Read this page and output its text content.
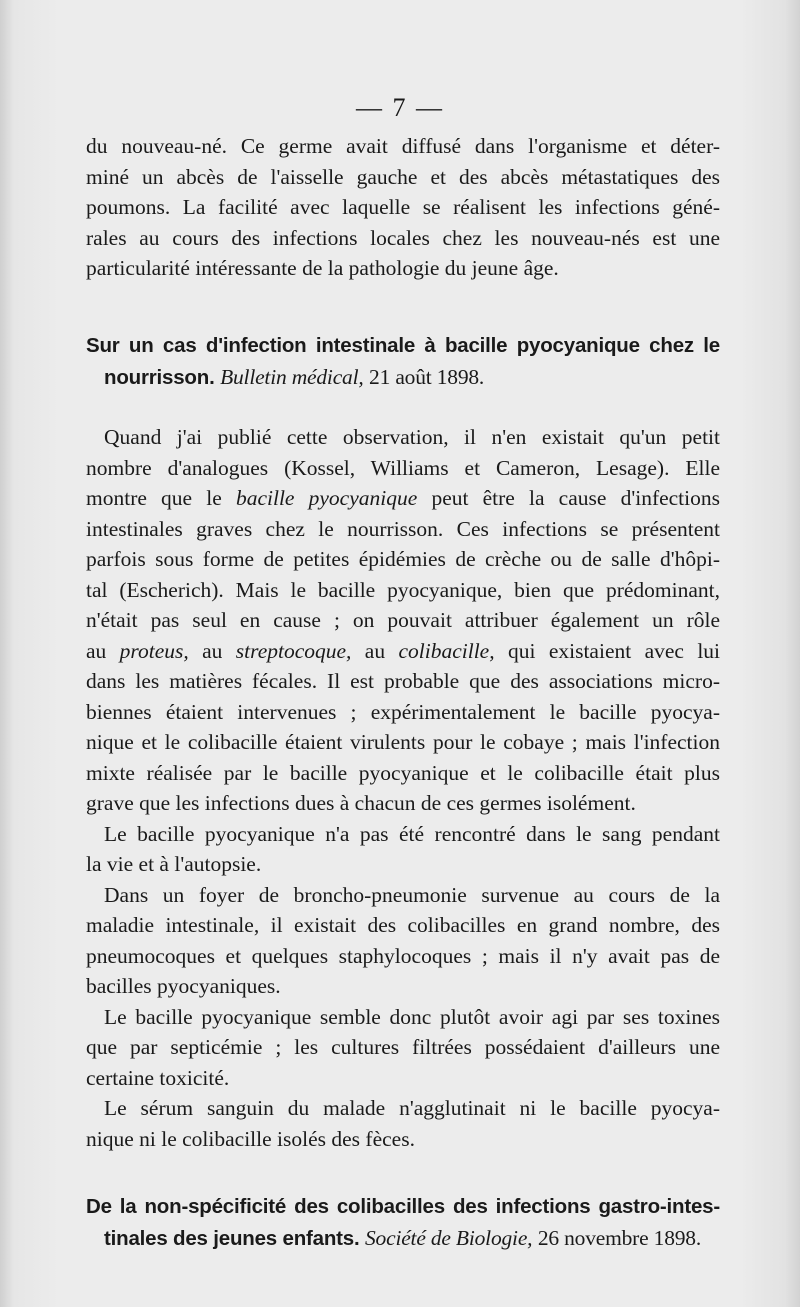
— 7 —
du nouveau-né. Ce germe avait diffusé dans l'organisme et déter-
miné un abcès de l'aisselle gauche et des abcès métastatiques des
poumons. La facilité avec laquelle se réalisent les infections géné-
rales au cours des infections locales chez les nouveau-nés est une
particularité intéressante de la pathologie du jeune âge.
Sur un cas d'infection intestinale à bacille pyocyanique chez le
nourrisson. Bulletin médical, 21 août 1898.
Quand j'ai publié cette observation, il n'en existait qu'un petit
nombre d'analogues (Kossel, Williams et Cameron, Lesage). Elle
montre que le bacille pyocyanique peut être la cause d'infections
intestinales graves chez le nourrisson. Ces infections se présentent
parfois sous forme de petites épidémies de crèche ou de salle d'hôpi-
tal (Escherich). Mais le bacille pyocyanique, bien que prédominant,
n'était pas seul en cause ; on pouvait attribuer également un rôle
au proteus, au streptocoque, au colibacille, qui existaient avec lui
dans les matières fécales. Il est probable que des associations micro-
biennes étaient intervenues ; expérimentalement le bacille pyocya-
nique et le colibacille étaient virulents pour le cobaye ; mais l'infection
mixte réalisée par le bacille pyocyanique et le colibacille était plus
grave que les infections dues à chacun de ces germes isolément.
Le bacille pyocyanique n'a pas été rencontré dans le sang pendant
la vie et à l'autopsie.
Dans un foyer de broncho-pneumonie survenue au cours de la
maladie intestinale, il existait des colibacilles en grand nombre, des
pneumocoques et quelques staphylocoques ; mais il n'y avait pas de
bacilles pyocyaniques.
Le bacille pyocyanique semble donc plutôt avoir agi par ses toxines
que par septicémie ; les cultures filtrées possédaient d'ailleurs une
certaine toxicité.
Le sérum sanguin du malade n'agglutinait ni le bacille pyocya-
nique ni le colibacille isolés des fèces.
De la non-spécificité des colibacilles des infections gastro-intes-
tinales des jeunes enfants. Société de Biologie, 26 novembre 1898.
